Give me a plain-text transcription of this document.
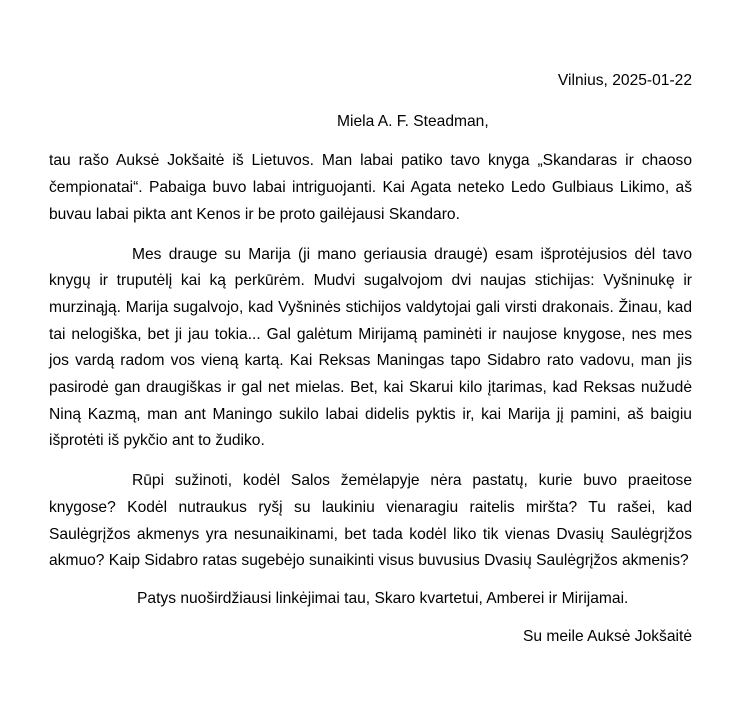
Vilnius, 2025-01-22

Miela A. F. Steadman,

tau rašo Auksė Jokšaitė iš Lietuvos. Man labai patiko tavo knyga „Skandaras ir chaoso čempionatai“. Pabaiga buvo labai intriguojanti. Kai Agata neteko Ledo Gulbiaus Likimo, aš buvau labai pikta ant Kenos ir be proto gailėjausi Skandaro.

Mes drauge su Marija (ji mano geriausia draugė) esam išprotėjusios dėl tavo knygų ir truputėlį kai ką perkūrėm. Mudvi sugalvojom dvi naujas stichijas: Vyšninukę ir murzinąją. Marija sugalvojo, kad Vyšninės stichijos valdytojai gali virsti drakonais. Žinau, kad tai nelogiška, bet ji jau tokia... Gal galėtum Mirijamą paminėti ir naujose knygose, nes mes jos vardą radom vos vieną kartą. Kai Reksas Maningas tapo Sidabro rato vadovu, man jis pasirodė gan draugiškas ir gal net mielas. Bet, kai Skarui kilo įtarimas, kad Reksas nužudė Niną Kazmą, man ant Maningo sukilo labai didelis pyktis ir, kai Marija jį pamini, aš baigiu išprotėti iš pykčio ant to žudiko.

Rūpi sužinoti, kodėl Salos žemėlapyje nėra pastatų, kurie buvo praeitose knygose? Kodėl nutraukus ryšį su laukiniu vienaragiu raitelis miršta? Tu rašei, kad Saulėgrįžos akmenys yra nesunaikinami, bet tada kodėl liko tik vienas Dvasių Saulėgrįžos akmuo? Kaip Sidabro ratas sugebėjo sunaikinti visus buvusius Dvasių Saulėgrįžos akmenis?

Patys nuoširdžiausi linkėjimai tau, Skaro kvartetui, Amberei ir Mirijamai.

Su meile Auksė Jokšaitė
